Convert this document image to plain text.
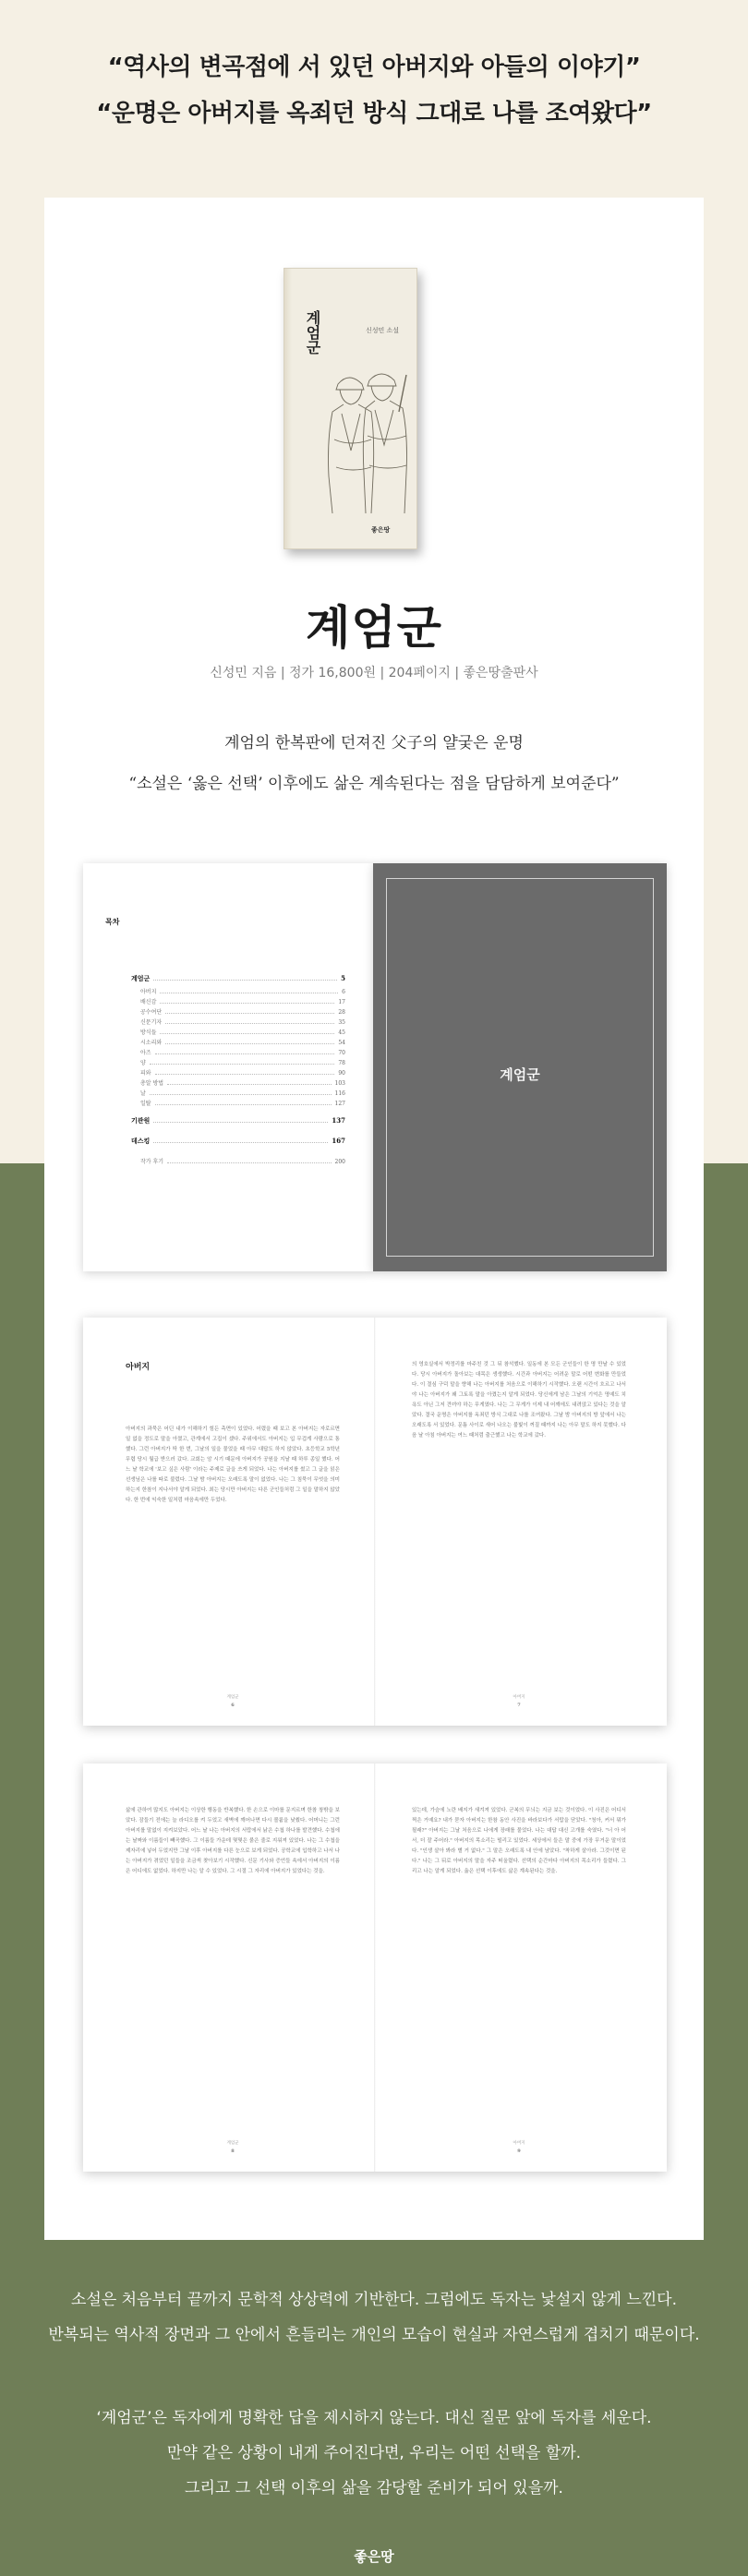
“역사의 변곡점에 서 있던 아버지와 아들의 이야기”

“운명은 아버지를 옥죄던 방식 그대로 나를 조여왔다”

계엄군	신성민 소설
좋은땅
계엄군
신성민 지음 | 정가 16,800원 | 204페이지 | 좋은땅출판사
계엄의 한복판에 던져진 父子의 얄궂은 운명
“소설은 ‘옳은 선택’ 이후에도 삶은 계속된다는 점을 담담하게 보여준다”
목차
계엄군	5
아버지	6
배신감	17
공수여단	28
신문기자	35
방식들	45
시소리와	54
아즈	70
양	78
피와	90
총알 방법	103
날	116
일탈	127
기관원	137
데스킹	167
작가 후기	200
계엄군
아버지
아버지의 과묵은 어딘 내가 이해하기 힘든 측면이 있었다. 어렸을 때 보고 본 아버지는 자로르면 일 없을 정도로 말을 아꼈고, 관계에서 고집이 셌다. 주위에서도 아버지는 입 무겁게 사람으로 통했다. 그런 아버지가 딱 한 번, 그날의 일을 물었을 때 아무 대답도 하지 않았다. 초등학교 5학년 무렵 당시 월급 받으러 갔다. 교회는 암 시기 때문에 아버지가 공원을 지날 때 하루 종일 했다. 어느 날 학교에 '보고 싶은 사람' 이라는 주제로 글을 쓰게 되었다. 나는 아버지를 썼고 그 글을 읽은 선생님은 나를 따로 불렀다. 그날 밤 아버지는 오래도록 말이 없었다. 나는 그 침묵이 무엇을 의미하는지 한참이 지나서야 알게 되었다. 최는 당시만 아버지는 다른 군인들처럼 그 일을 말하지 않았다. 한 번에 익숙한 일처럼 마음속에만 두었다.
계엄군
6
의 영호실에서 박정리를 마주친 것 그 뒤 참석했다. 일동에 본 모든 군인들이 한 명 만날 수 있었다. 당시 아버지가 돌아보는 대목은 생생했다. 시간과 아버지는 어려운 말로 어떤 변화를 만들었다. 이 결심 구덕 말을 향해 나는 아버지를 처음으로 이해하기 시작했다. 오랜 시간이 흐르고 나서야 나는 아버지가 왜 그토록 말을 아꼈는지 알게 되었다. 당신에게 남은 그날의 기억은 명예도 치욕도 아닌 그저 견뎌야 하는 무게였다. 나는 그 무게가 이제 내 어깨에도 내려앉고 있다는 것을 알았다. 결국 운명은 아버지를 옥죄던 방식 그대로 나를 조여왔다. 그날 밤 아버지의 방 앞에서 나는 오래도록 서 있었다. 문틈 사이로 새어 나오는 불빛이 꺼질 때까지 나는 아무 말도 하지 못했다. 다음 날 아침 아버지는 여느 때처럼 출근했고 나는 학교에 갔다.
아버지
7
삶에 관하여 많지도 아버지는 이상한 행동을 반복했다. 한 손으로 이마를 문지르며 한참 창밖을 보았다. 잠들기 전에는 늘 라디오를 켜 두었고 새벽에 깨어나면 다시 볼륨을 낮췄다. 어머니는 그런 아버지를 말없이 지켜보았다. 어느 날 나는 아버지의 서랍에서 낡은 수첩 하나를 발견했다. 수첩에는 날짜와 이름들이 빼곡했다. 그 이름들 가운데 몇몇은 붉은 줄로 지워져 있었다. 나는 그 수첩을 제자리에 넣어 두었지만 그날 이후 아버지를 다른 눈으로 보게 되었다. 공학교에 입학하고 나서 나는 아버지가 겪었던 일들을 조금씩 찾아보기 시작했다. 신문 기사와 증언들 속에서 아버지의 이름은 어디에도 없었다. 하지만 나는 알 수 있었다. 그 시절 그 자리에 아버지가 있었다는 것을.
계엄군
8
있는데, 가슴에 노란 배지가 새겨져 있었다. 군복의 무늬는 지금 보는 것이었다. 이 사진은 어디서 찍은 거예요? 내가 묻자 아버지는 한참 동안 사진을 바라보다가 서랍을 닫았다. "청아, 커서 뭐가 될래?" 아버지는 그날 처음으로 나에게 장래를 물었다. 나는 대답 대신 고개를 숙였다. "너 아 어서, 더 잘 주어라." 아버지의 목소리는 떨리고 있었다. 세상에서 들은 말 중에 가장 무거운 말이었다. "인생 살아 봐라 별 거 없다." 그 말은 오래도록 내 안에 남았다. "착하게 살아라. 그것이면 된다." 나는 그 뒤로 아버지의 말을 자주 떠올렸다. 선택의 순간마다 아버지의 목소리가 들렸다. 그리고 나는 알게 되었다. 옳은 선택 이후에도 삶은 계속된다는 것을.
아버지
9
소설은 처음부터 끝까지 문학적 상상력에 기반한다. 그럼에도 독자는 낯설지 않게 느낀다.
반복되는 역사적 장면과 그 안에서 흔들리는 개인의 모습이 현실과 자연스럽게 겹치기 때문이다.
‘계엄군’은 독자에게 명확한 답을 제시하지 않는다. 대신 질문 앞에 독자를 세운다.
만약 같은 상황이 내게 주어진다면, 우리는 어떤 선택을 할까.
그리고 그 선택 이후의 삶을 감당할 준비가 되어 있을까.
좋은땅
